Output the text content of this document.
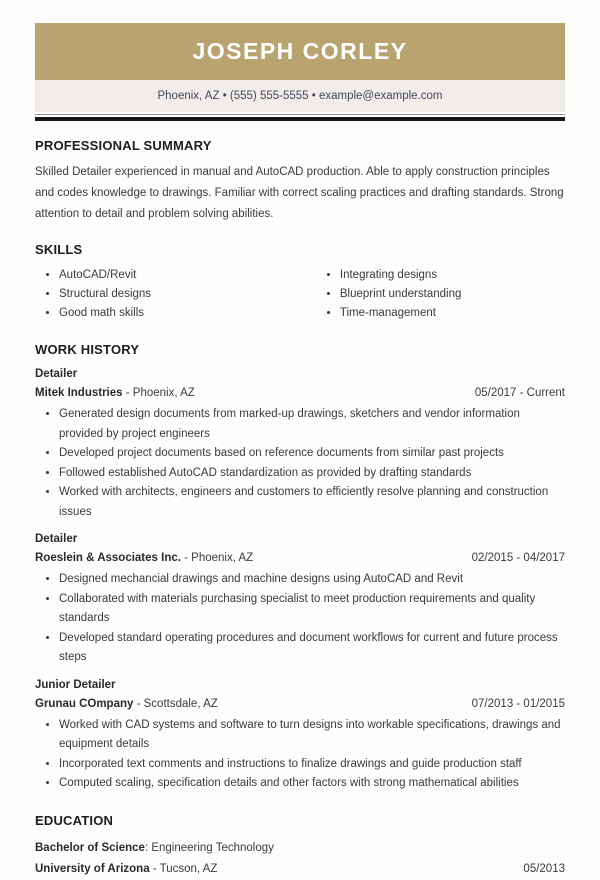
JOSEPH CORLEY
Phoenix, AZ • (555) 555-5555 • example@example.com
PROFESSIONAL SUMMARY

Skilled Detailer experienced in manual and AutoCAD production. Able to apply construction principles and codes knowledge to drawings. Familiar with correct scaling practices and drafting standards. Strong attention to detail and problem solving abilities.

SKILLS
• AutoCAD/Revit
• Structural designs
• Good math skills
• Integrating designs
• Blueprint understanding
• Time-management
WORK HISTORY
Detailer
Mitek Industries - Phoenix, AZ	05/2017 - Current
• Generated design documents from marked-up drawings, sketchers and vendor information provided by project engineers
• Developed project documents based on reference documents from similar past projects
• Followed established AutoCAD standardization as provided by drafting standards
• Worked with architects, engineers and customers to efficiently resolve planning and construction issues
Detailer
Roeslein & Associates Inc. - Phoenix, AZ	02/2015 - 04/2017
• Designed mechancial drawings and machine designs using AutoCAD and Revit
• Collaborated with materials purchasing specialist to meet production requirements and quality standards
• Developed standard operating procedures and document workflows for current and future process steps
Junior Detailer
Grunau COmpany - Scottsdale, AZ	07/2013 - 01/2015
• Worked with CAD systems and software to turn designs into workable specifications, drawings and equipment details
• Incorporated text comments and instructions to finalize drawings and guide production staff
• Computed scaling, specification details and other factors with strong mathematical abilities
EDUCATION
Bachelor of Science : Engineering Technology
University of Arizona - Tucson, AZ	05/2013
